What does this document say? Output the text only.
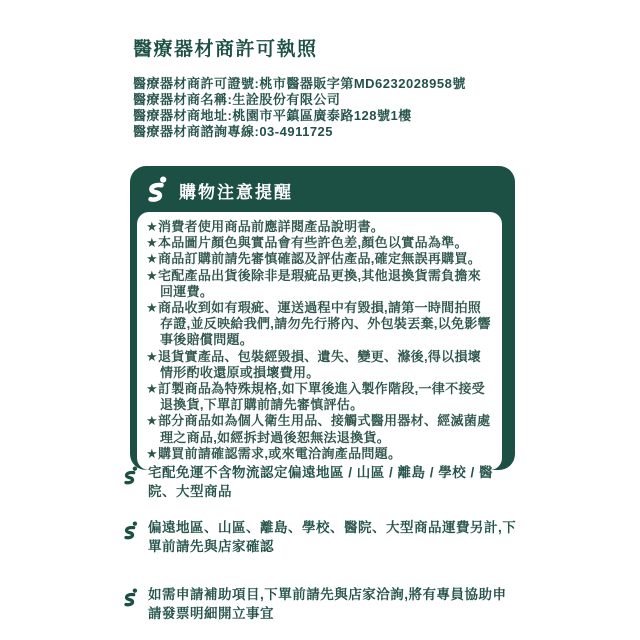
醫療器材商許可執照
醫療器材商許可證號:桃市醫器販字第MD6232028958號
醫療器材商名稱:生詮股份有限公司
醫療器材商地址:桃園市平鎮區廣泰路128號1樓
醫療器材商諮詢專線:03-4911725
購物注意提醒
★消費者使用商品前應詳閱產品說明書。
★本品圖片顏色與實品會有些許色差,顏色以實品為準。
★商品訂購前請先審慎確認及評估產品,確定無誤再購買。
★宅配產品出貨後除非是瑕疵品更換,其他退換貨需負擔來回運費。
★商品收到如有瑕疵、運送過程中有毀損,請第一時間拍照存證,並反映給我們,請勿先行將內、外包裝丟棄,以免影響事後賠償問題。
★退貨實產品、包裝經毀損、遺失、變更、滌後,得以損壞情形酌收還原或損壞費用。
★訂製商品為特殊規格,如下單後進入製作階段,一律不接受退換貨,下單訂購前請先審慎評估。
★部分商品如為個人衛生用品、接觸式醫用器材、經滅菌處理之商品,如經拆封過後恕無法退換貨。
★購買前請確認需求,或來電洽詢產品問題。
宅配免運不含物流認定偏遠地區 / 山區 / 離島 / 學校 / 醫院、大型商品
偏遠地區、山區、離島、學校、醫院、大型商品運費另計,下單前請先與店家確認
如需申請補助項目,下單前請先與店家洽詢,將有專員協助申請發票明細開立事宜
